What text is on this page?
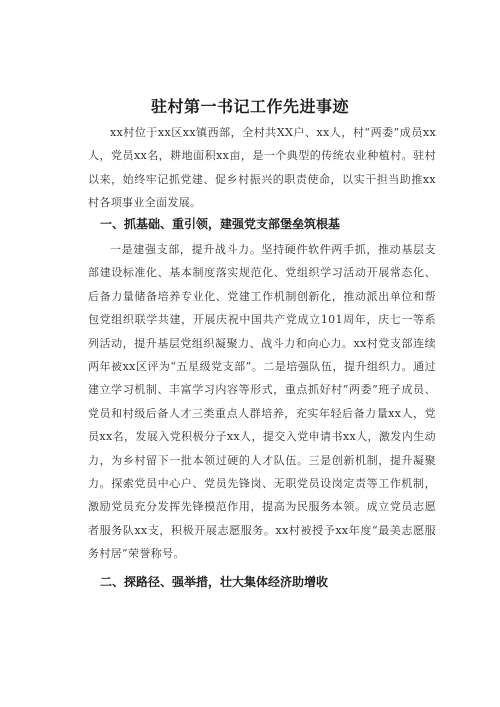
驻村第一书记工作先进事迹

xx村位于xx区xx镇西部，全村共XX户、xx人，村“两委”成员xx人，党员xx名，耕地面积xx亩，是一个典型的传统农业种植村。驻村以来，始终牢记抓党建、促乡村振兴的职责使命，以实干担当助推xx村各项事业全面发展。

一、抓基础、重引领，建强党支部堡垒筑根基

一是建强支部，提升战斗力。坚持硬件软件两手抓，推动基层支部建设标准化、基本制度落实规范化、党组织学习活动开展常态化、后备力量储备培养专业化、党建工作机制创新化，推动派出单位和帮包党组织联学共建，开展庆祝中国共产党成立101周年，庆七一等系列活动，提升基层党组织凝聚力、战斗力和向心力。xx村党支部连续两年被xx区评为“五星级党支部”。二是培强队伍，提升组织力。通过建立学习机制、丰富学习内容等形式，重点抓好村“两委”班子成员、党员和村级后备人才三类重点人群培养，充实年轻后备力量xx人，党员xx名，发展入党积极分子xx人，提交入党申请书xx人，激发内生动力，为乡村留下一批本领过硬的人才队伍。三是创新机制，提升凝聚力。探索党员中心户、党员先锋岗、无职党员设岗定责等工作机制，激励党员充分发挥先锋模范作用，提高为民服务本领。成立党员志愿者服务队xx支，积极开展志愿服务。xx村被授予xx年度“最美志愿服务村居”荣誉称号。

二、探路径、强举措，壮大集体经济助增收
